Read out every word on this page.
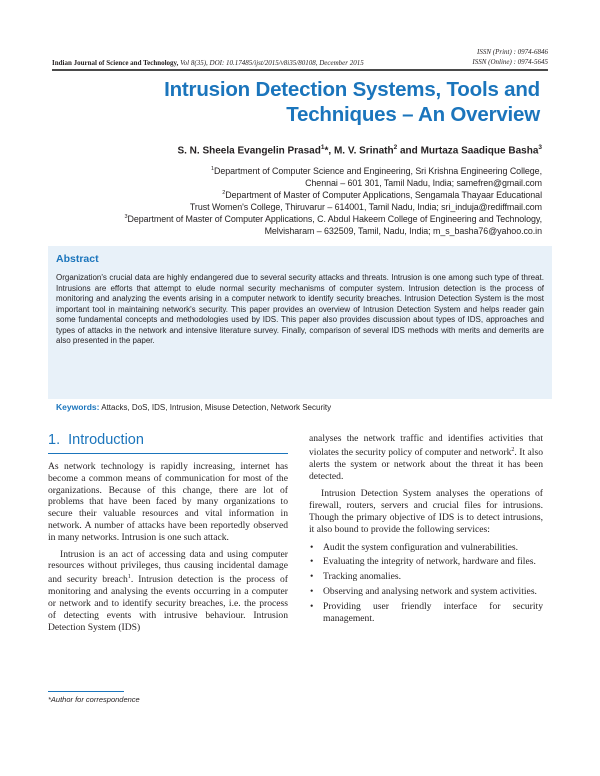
ISSN (Print) : 0974-6846
ISSN (Online) : 0974-5645
Indian Journal of Science and Technology, Vol 8(35), DOI: 10.17485/ijst/2015/v8i35/80108, December 2015
Intrusion Detection Systems, Tools and
Techniques – An Overview
S. N. Sheela Evangelin Prasad$^1$*, M. V. Srinath$^2$ and Murtaza Saadique Basha$^3$
$^1$Department of Computer Science and Engineering, Sri Krishna Engineering College,
Chennai – 601 301, Tamil Nadu, India; samefren@gmail.com
$^2$Department of Master of Computer Applications, Sengamala Thayaar Educational
Trust Women's College, Thiruvarur – 614001, Tamil Nadu, India; sri_induja@rediffmail.com
$^3$Department of Master of Computer Applications, C. Abdul Hakeem College of Engineering and Technology,
Melvisharam – 632509, Tamil, Nadu, India; m_s_basha76@yahoo.co.in
Abstract
Organization's crucial data are highly endangered due to several security attacks and threats. Intrusion is one among such type of threat. Intrusions are efforts that attempt to elude normal security mechanisms of computer system. Intrusion detection is the process of monitoring and analyzing the events arising in a computer network to identify security breaches. Intrusion Detection System is the most important tool in maintaining network's security. This paper provides an overview of Intrusion Detection System and helps reader gain some fundamental concepts and methodologies used by IDS. This paper also provides discussion about types of IDS, approaches and types of attacks in the network and intensive literature survey. Finally, comparison of several IDS methods with merits and demerits are also presented in the paper.
Keywords: Attacks, DoS, IDS, Intrusion, Misuse Detection, Network Security
1. Introduction

As network technology is rapidly increasing, internet has become a common means of communication for most of the organizations. Because of this change, there are lot of problems that have been faced by many organizations to secure their valuable resources and vital information in network. A number of attacks have been reportedly observed in many networks. Intrusion is one such attack.

Intrusion is an act of accessing data and using computer resources without privileges, thus causing incidental damage and security breach$^1$. Intrusion detection is the process of monitoring and analysing the events occurring in a computer or network and to identify security breaches, i.e. the process of detecting events with intrusive behaviour. Intrusion Detection System (IDS)

analyses the network traffic and identifies activities that violates the security policy of computer and network$^2$. It also alerts the system or network about the threat it has been detected.

Intrusion Detection System analyses the operations of firewall, routers, servers and crucial files for intrusions. Though the primary objective of IDS is to detect intrusions, it also bound to provide the following services:

• Audit the system configuration and vulnerabilities.
• Evaluating the integrity of network, hardware and files.
• Tracking anomalies.
• Observing and analysing network and system activities.
• Providing user friendly interface for security management.
*Author for correspondence
